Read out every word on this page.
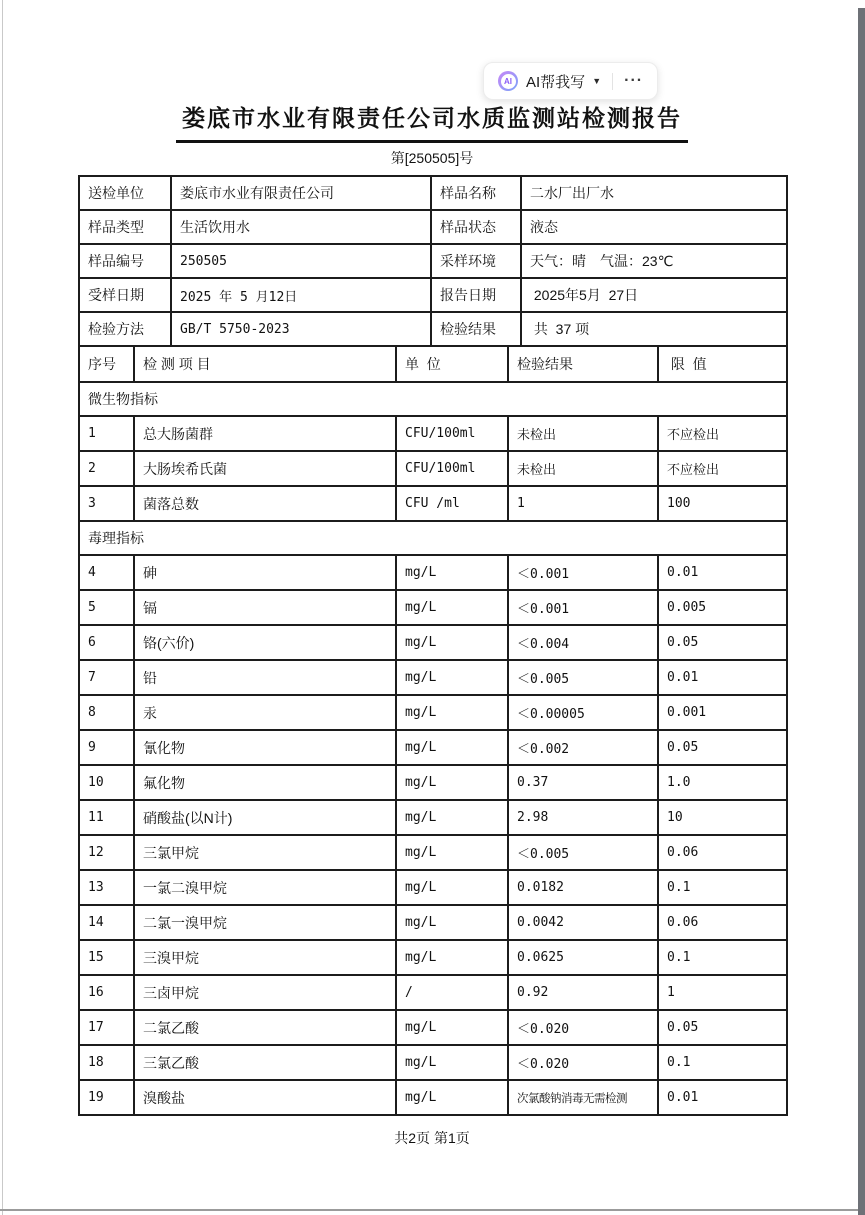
AI AI帮我写 ▼ ···
娄底市水业有限责任公司水质监测站检测报告
第[250505]号
送检单位	娄底市水业有限责任公司	样品名称	二水厂出厂水
样品类型	生活饮用水	样品状态	液态
样品编号	250505	采样环境	天气：晴　气温：23℃
受样日期	2025 年 5 月12日	报告日期	2025年5月  27日
检验方法	GB/T 5750-2023	检验结果	共  37 项
序号	检 测 项 目	单  位	检验结果	限  值
微生物指标				
1	总大肠菌群	CFU/100ml	未检出	不应检出
2	大肠埃希氏菌	CFU/100ml	未检出	不应检出
3	菌落总数	CFU /ml	1	100
毒理指标				
4	砷	mg/L	＜0.001	0.01
5	镉	mg/L	＜0.001	0.005
6	铬(六价)	mg/L	＜0.004	0.05
7	铅	mg/L	＜0.005	0.01
8	汞	mg/L	＜0.00005	0.001
9	氰化物	mg/L	＜0.002	0.05
10	氟化物	mg/L	0.37	1.0
11	硝酸盐(以N计)	mg/L	2.98	10
12	三氯甲烷	mg/L	＜0.005	0.06
13	一氯二溴甲烷	mg/L	0.0182	0.1
14	二氯一溴甲烷	mg/L	0.0042	0.06
15	三溴甲烷	mg/L	0.0625	0.1
16	三卤甲烷	/	0.92	1
17	二氯乙酸	mg/L	＜0.020	0.05
18	三氯乙酸	mg/L	＜0.020	0.1
19	溴酸盐	mg/L	次氯酸钠消毒无需检测	0.01
共2页 第1页
